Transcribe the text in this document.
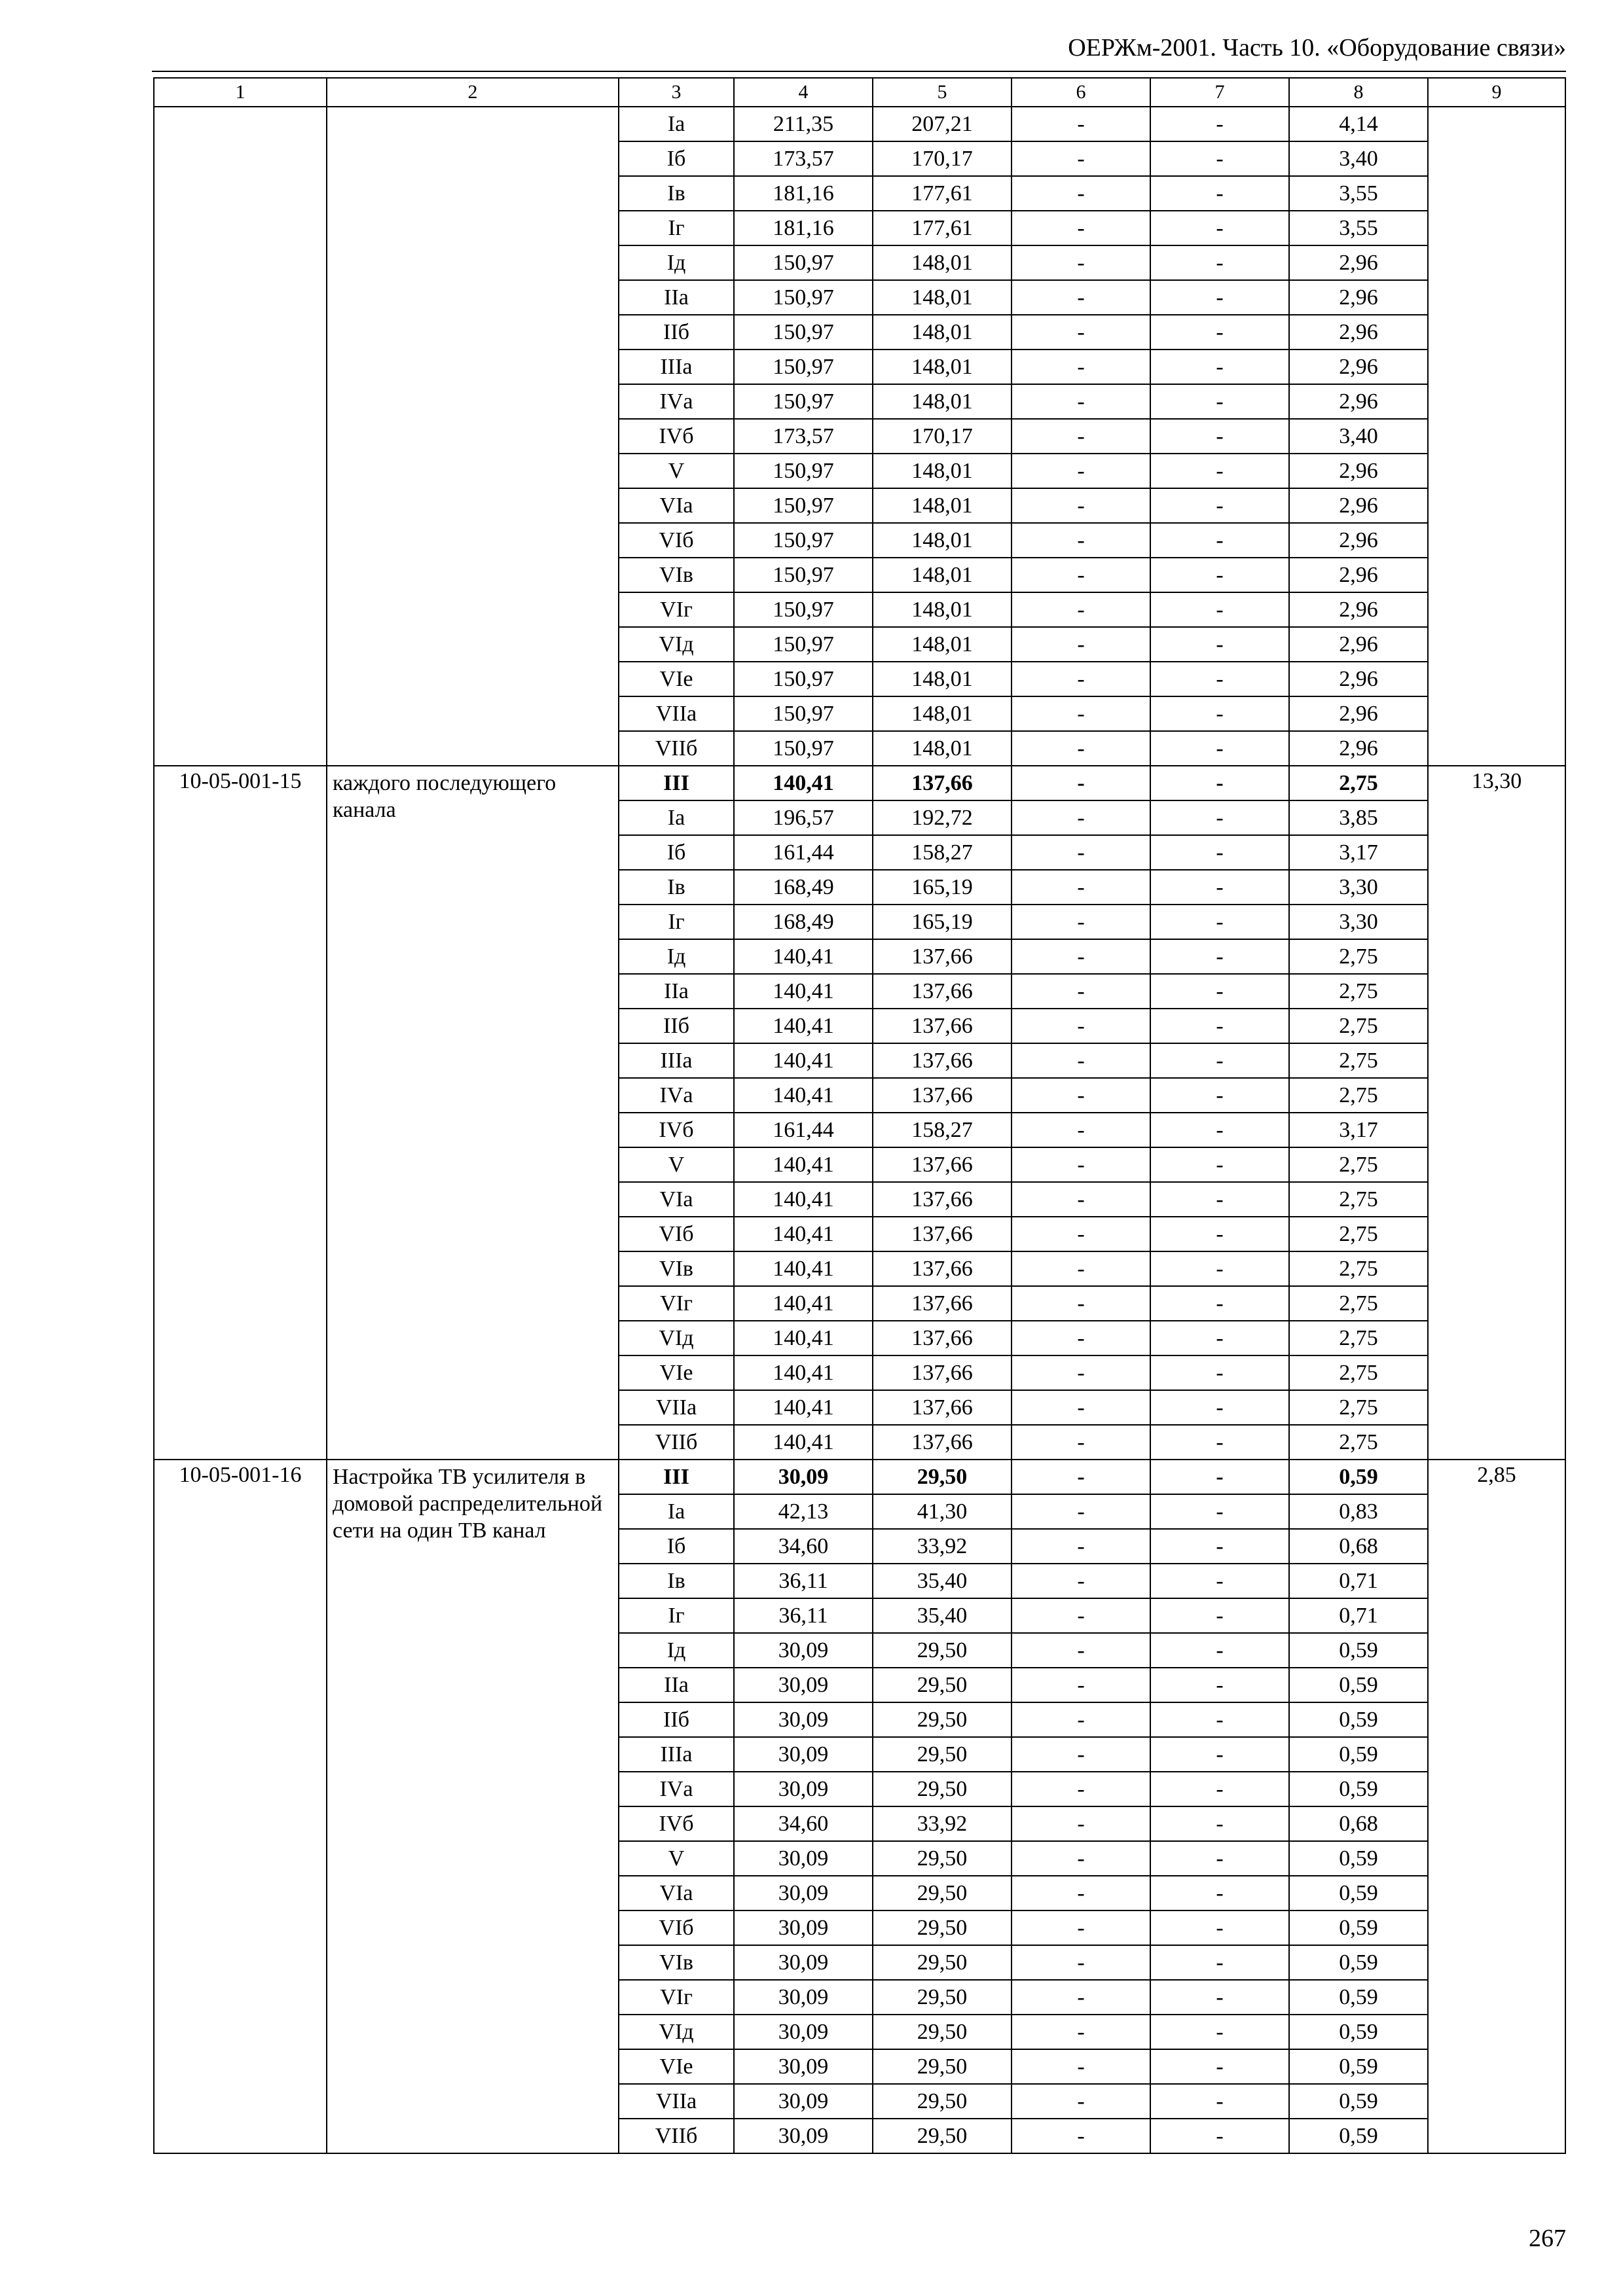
ОЕРЖм-2001. Часть 10. «Оборудование связи»
1	2	3	4	5	6	7	8	9
		Iа	211,35	207,21	-	-	4,14	
		Iб	173,57	170,17	-	-	3,40	
		Iв	181,16	177,61	-	-	3,55	
		Iг	181,16	177,61	-	-	3,55	
		Iд	150,97	148,01	-	-	2,96	
		IIа	150,97	148,01	-	-	2,96	
		IIб	150,97	148,01	-	-	2,96	
		IIIа	150,97	148,01	-	-	2,96	
		IVа	150,97	148,01	-	-	2,96	
		IVб	173,57	170,17	-	-	3,40	
		V	150,97	148,01	-	-	2,96	
		VIа	150,97	148,01	-	-	2,96	
		VIб	150,97	148,01	-	-	2,96	
		VIв	150,97	148,01	-	-	2,96	
		VIг	150,97	148,01	-	-	2,96	
		VIд	150,97	148,01	-	-	2,96	
		VIе	150,97	148,01	-	-	2,96	
		VIIа	150,97	148,01	-	-	2,96	
		VIIб	150,97	148,01	-	-	2,96	
10-05-001-15	каждого последующего канала	III	140,41	137,66	-	-	2,75	13,30
		Iа	196,57	192,72	-	-	3,85	
		Iб	161,44	158,27	-	-	3,17	
		Iв	168,49	165,19	-	-	3,30	
		Iг	168,49	165,19	-	-	3,30	
		Iд	140,41	137,66	-	-	2,75	
		IIа	140,41	137,66	-	-	2,75	
		IIб	140,41	137,66	-	-	2,75	
		IIIа	140,41	137,66	-	-	2,75	
		IVа	140,41	137,66	-	-	2,75	
		IVб	161,44	158,27	-	-	3,17	
		V	140,41	137,66	-	-	2,75	
		VIа	140,41	137,66	-	-	2,75	
		VIб	140,41	137,66	-	-	2,75	
		VIв	140,41	137,66	-	-	2,75	
		VIг	140,41	137,66	-	-	2,75	
		VIд	140,41	137,66	-	-	2,75	
		VIе	140,41	137,66	-	-	2,75	
		VIIа	140,41	137,66	-	-	2,75	
		VIIб	140,41	137,66	-	-	2,75	
10-05-001-16	Настройка ТВ усилителя в домовой распределительной сети на один ТВ канал	III	30,09	29,50	-	-	0,59	2,85
		Iа	42,13	41,30	-	-	0,83	
		Iб	34,60	33,92	-	-	0,68	
		Iв	36,11	35,40	-	-	0,71	
		Iг	36,11	35,40	-	-	0,71	
		Iд	30,09	29,50	-	-	0,59	
		IIа	30,09	29,50	-	-	0,59	
		IIб	30,09	29,50	-	-	0,59	
		IIIа	30,09	29,50	-	-	0,59	
		IVа	30,09	29,50	-	-	0,59	
		IVб	34,60	33,92	-	-	0,68	
		V	30,09	29,50	-	-	0,59	
		VIа	30,09	29,50	-	-	0,59	
		VIб	30,09	29,50	-	-	0,59	
		VIв	30,09	29,50	-	-	0,59	
		VIг	30,09	29,50	-	-	0,59	
		VIд	30,09	29,50	-	-	0,59	
		VIе	30,09	29,50	-	-	0,59	
		VIIа	30,09	29,50	-	-	0,59	
		VIIб	30,09	29,50	-	-	0,59	
267
